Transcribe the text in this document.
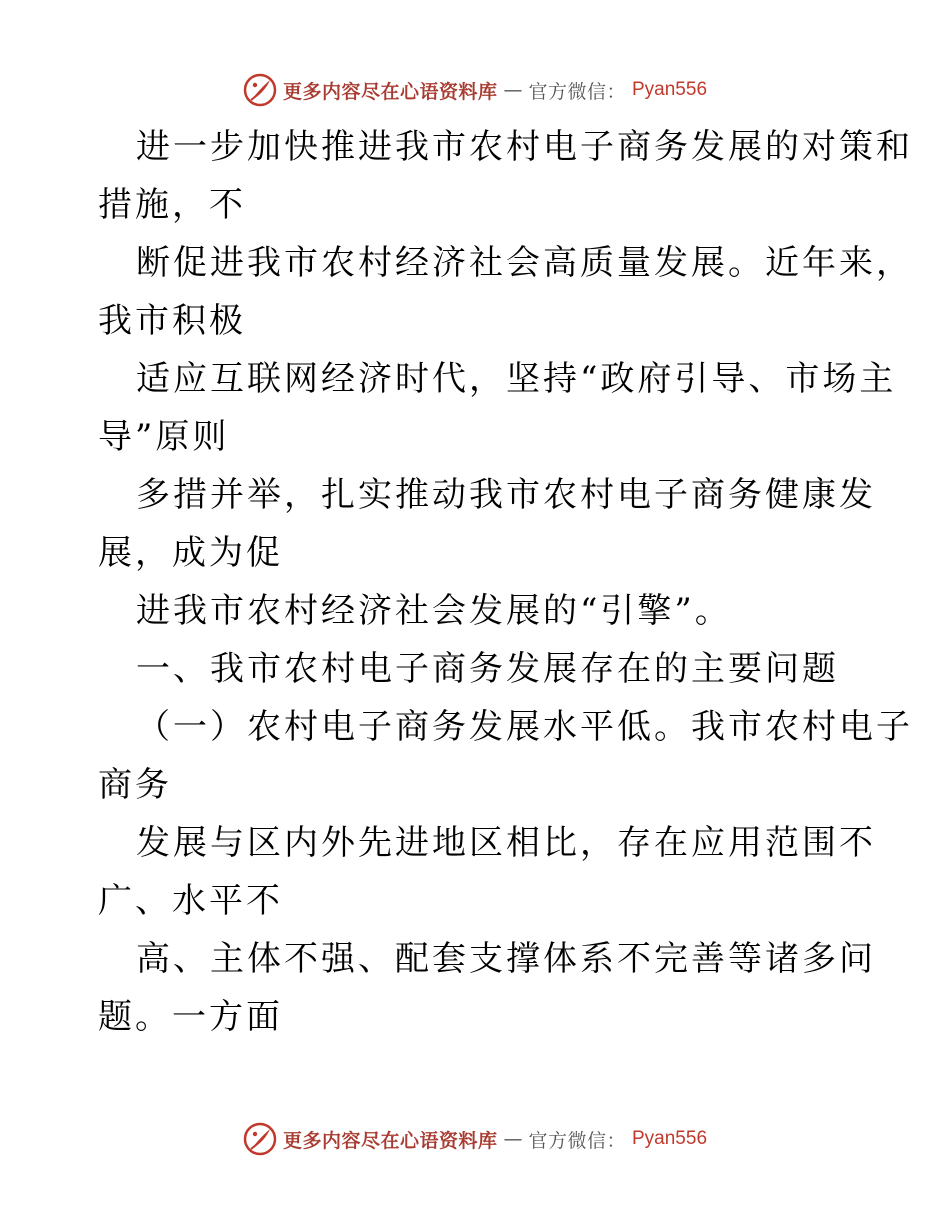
更多内容尽在心语资料库 — 官方微信： Pyan556
进一步加快推进我市农村电子商务发展的对策和
措施，不
断促进我市农村经济社会高质量发展。近年来，
我市积极
适应互联网经济时代，坚持“政府引导、市场主
导”原则
多措并举，扎实推动我市农村电子商务健康发
展，成为促
进我市农村经济社会发展的“引擎”。
一、我市农村电子商务发展存在的主要问题
（一）农村电子商务发展水平低。我市农村电子
商务
发展与区内外先进地区相比，存在应用范围不
广、水平不
高、主体不强、配套支撑体系不完善等诸多问
题。一方面
更多内容尽在心语资料库 — 官方微信： Pyan556
